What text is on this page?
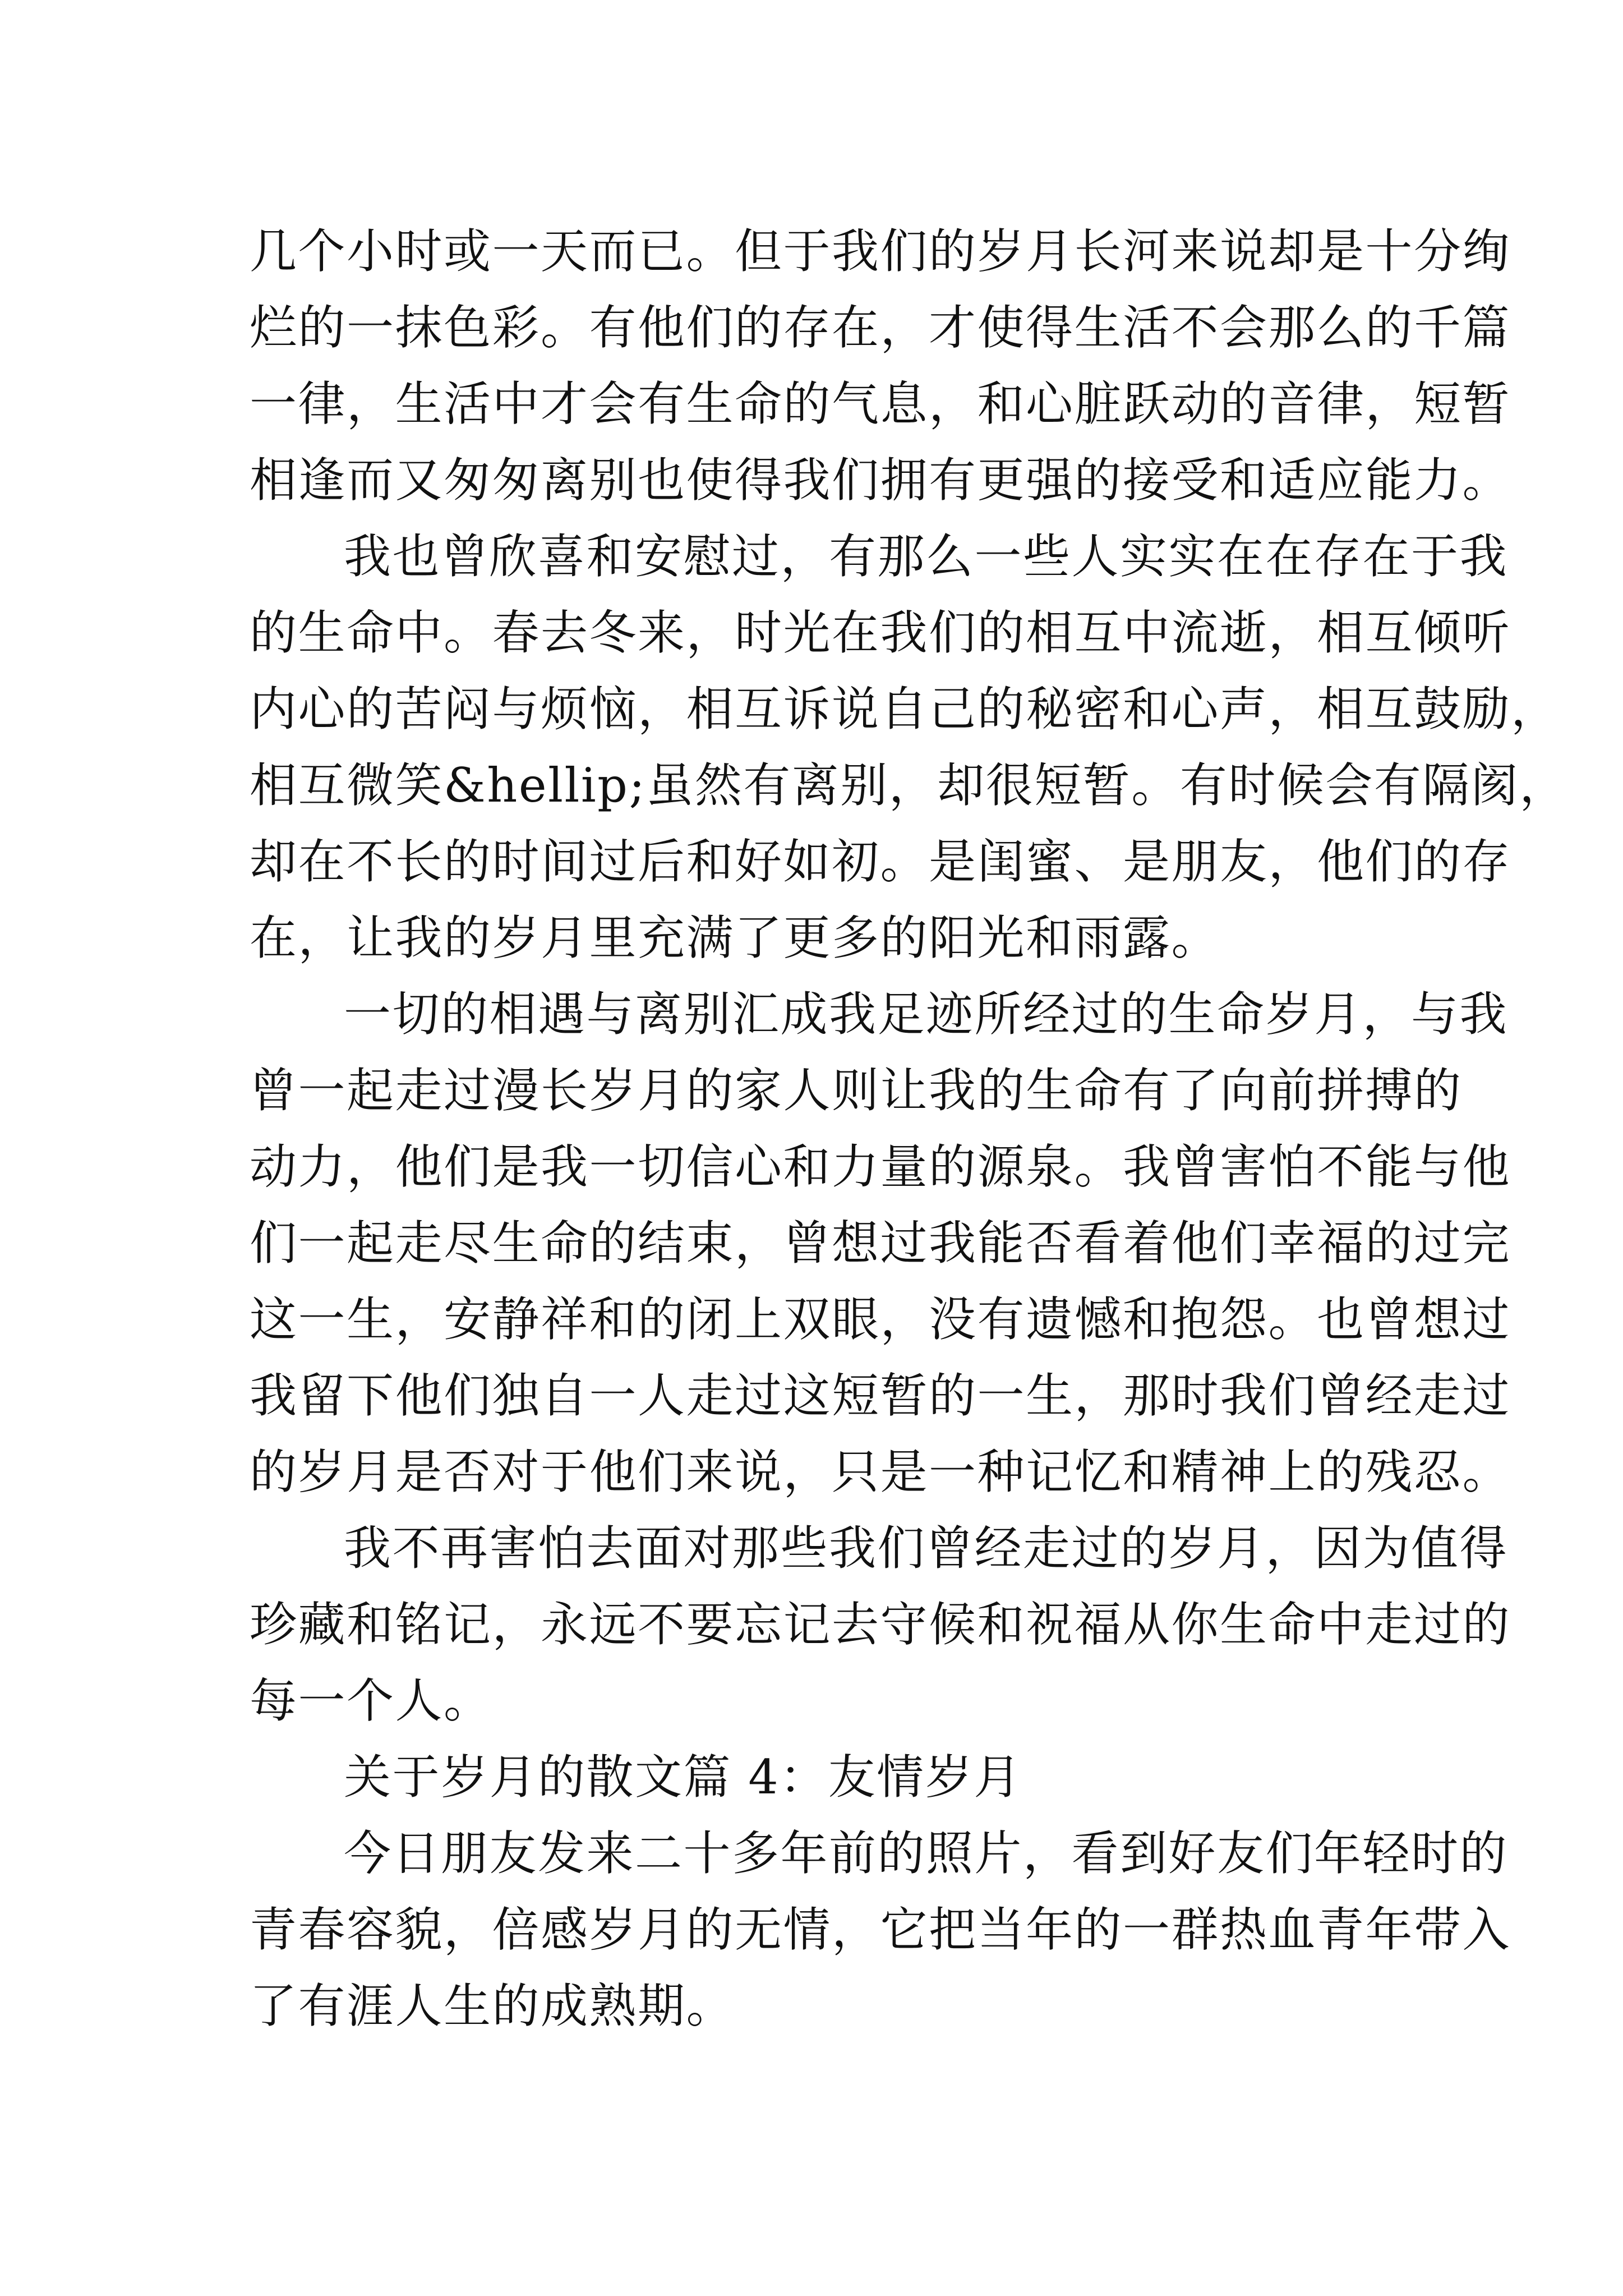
几个小时或一天而已。但于我们的岁月长河来说却是十分绚
烂的一抹色彩。有他们的存在，才使得生活不会那么的千篇
一律，生活中才会有生命的气息，和心脏跃动的音律，短暂
相逢而又匆匆离别也使得我们拥有更强的接受和适应能力。
我也曾欣喜和安慰过，有那么一些人实实在在存在于我
的生命中。春去冬来，时光在我们的相互中流逝，相互倾听
内心的苦闷与烦恼，相互诉说自己的秘密和心声，相互鼓励，
相互微笑&hellip;虽然有离别，却很短暂。有时候会有隔阂，
却在不长的时间过后和好如初。是闺蜜、是朋友，他们的存
在，让我的岁月里充满了更多的阳光和雨露。
一切的相遇与离别汇成我足迹所经过的生命岁月，与我
曾一起走过漫长岁月的家人则让我的生命有了向前拼搏的
动力，他们是我一切信心和力量的源泉。我曾害怕不能与他
们一起走尽生命的结束，曾想过我能否看着他们幸福的过完
这一生，安静祥和的闭上双眼，没有遗憾和抱怨。也曾想过
我留下他们独自一人走过这短暂的一生，那时我们曾经走过
的岁月是否对于他们来说，只是一种记忆和精神上的残忍。
我不再害怕去面对那些我们曾经走过的岁月，因为值得
珍藏和铭记，永远不要忘记去守候和祝福从你生命中走过的
每一个人。
关于岁月的散文篇 4：友情岁月
今日朋友发来二十多年前的照片，看到好友们年轻时的
青春容貌，倍感岁月的无情，它把当年的一群热血青年带入
了有涯人生的成熟期。
